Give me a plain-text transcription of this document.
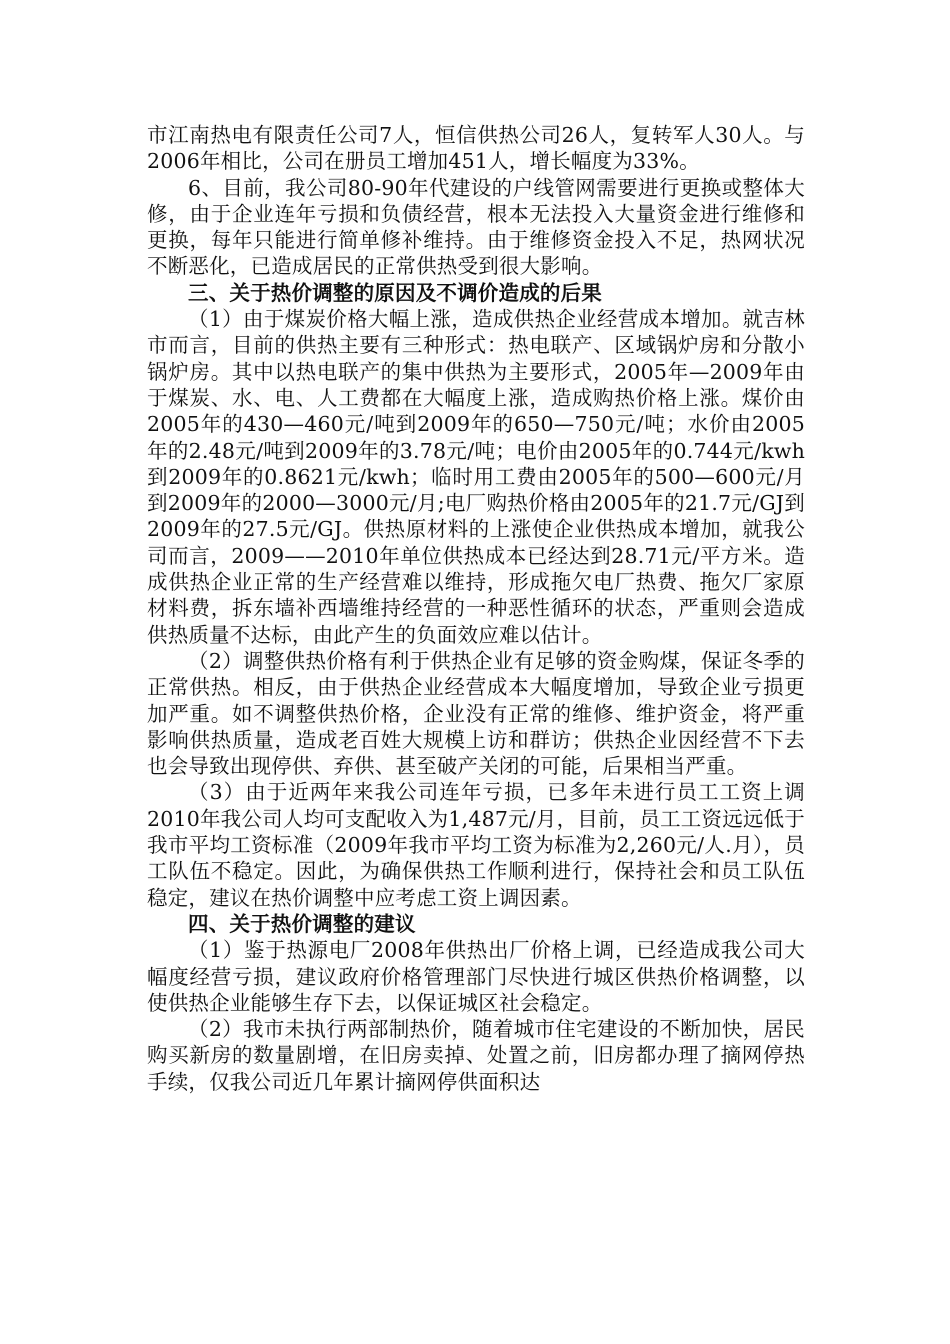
市江南热电有限责任公司7人，恒信供热公司26人，复转军人30人。与2006年相比，公司在册员工增加451人，增长幅度为33%。

6、目前，我公司80-90年代建设的户线管网需要进行更换或整体大修，由于企业连年亏损和负债经营，根本无法投入大量资金进行维修和更换，每年只能进行简单修补维持。由于维修资金投入不足，热网状况不断恶化，已造成居民的正常供热受到很大影响。

三、关于热价调整的原因及不调价造成的后果

（1）由于煤炭价格大幅上涨，造成供热企业经营成本增加。就吉林市而言，目前的供热主要有三种形式：热电联产、区域锅炉房和分散小锅炉房。其中以热电联产的集中供热为主要形式，2005年—2009年由于煤炭、水、电、人工费都在大幅度上涨，造成购热价格上涨。煤价由2005年的430—460元/吨到2009年的650—750元/吨；水价由2005年的2.48元/吨到2009年的3.78元/吨；电价由2005年的0.744元/kwh到2009年的0.8621元/kwh；临时用工费由2005年的500—600元/月到2009年的2000—3000元/月;电厂购热价格由2005年的21.7元/GJ到2009年的27.5元/GJ。供热原材料的上涨使企业供热成本增加，就我公司而言，2009——2010年单位供热成本已经达到28.71元/平方米。造成供热企业正常的生产经营难以维持，形成拖欠电厂热费、拖欠厂家原材料费，拆东墙补西墙维持经营的一种恶性循环的状态，严重则会造成供热质量不达标，由此产生的负面效应难以估计。

（2）调整供热价格有利于供热企业有足够的资金购煤，保证冬季的正常供热。相反，由于供热企业经营成本大幅度增加，导致企业亏损更加严重。如不调整供热价格，企业没有正常的维修、维护资金，将严重影响供热质量，造成老百姓大规模上访和群访；供热企业因经营不下去也会导致出现停供、弃供、甚至破产关闭的可能，后果相当严重。

（3）由于近两年来我公司连年亏损，已多年未进行员工工资上调2010年我公司人均可支配收入为1,487元/月，目前，员工工资远远低于我市平均工资标准（2009年我市平均工资为标准为2,260元/人.月），员工队伍不稳定。因此，为确保供热工作顺利进行，保持社会和员工队伍稳定，建议在热价调整中应考虑工资上调因素。

四、关于热价调整的建议

（1）鉴于热源电厂2008年供热出厂价格上调，已经造成我公司大幅度经营亏损，建议政府价格管理部门尽快进行城区供热价格调整，以使供热企业能够生存下去，以保证城区社会稳定。

（2）我市未执行两部制热价，随着城市住宅建设的不断加快，居民购买新房的数量剧增，在旧房卖掉、处置之前，旧房都办理了摘网停热手续，仅我公司近几年累计摘网停供面积达
